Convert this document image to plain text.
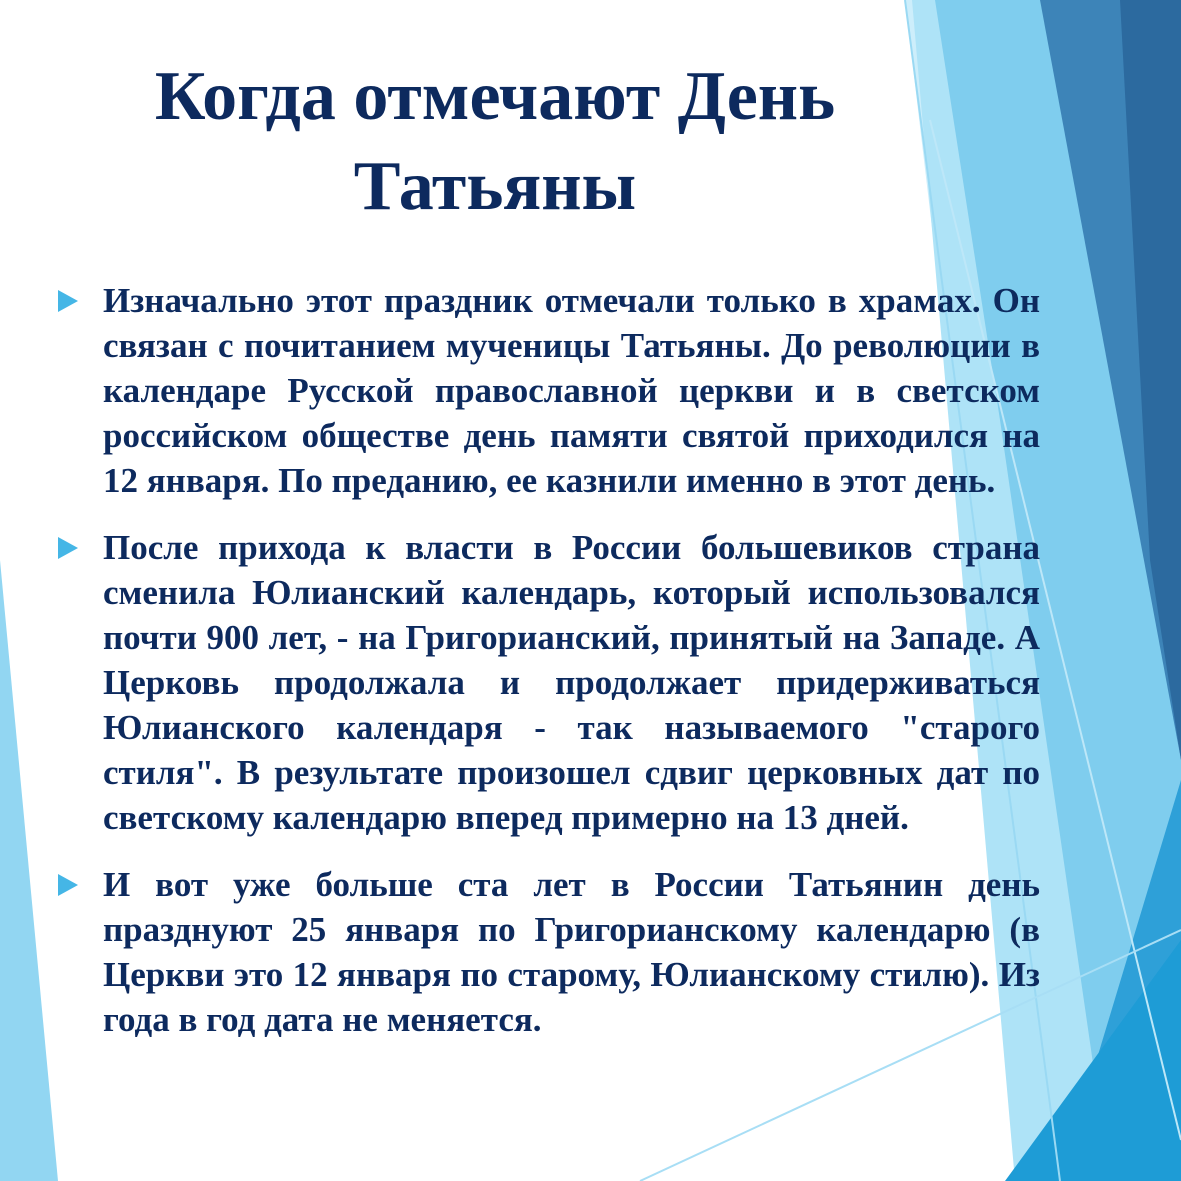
Когда отмечают День
Татьяны

Изначально этот праздник отмечали только в храмах. Он связан с почитанием мученицы Татьяны. До революции в календаре Русской православной церкви и в светском российском обществе день памяти святой приходился на 12 января. По преданию, ее казнили именно в этот день.

После прихода к власти в России большевиков страна сменила Юлианский календарь, который использовался почти 900 лет, - на Григорианский, принятый на Западе. А Церковь продолжала и продолжает придерживаться Юлианского календаря - так называемого "старого стиля". В результате произошел сдвиг церковных дат по светскому календарю вперед примерно на 13 дней.

И вот уже больше ста лет в России Татьянин день празднуют 25 января по Григорианскому календарю (в Церкви это 12 января по старому, Юлианскому стилю). Из года в год дата не меняется.
